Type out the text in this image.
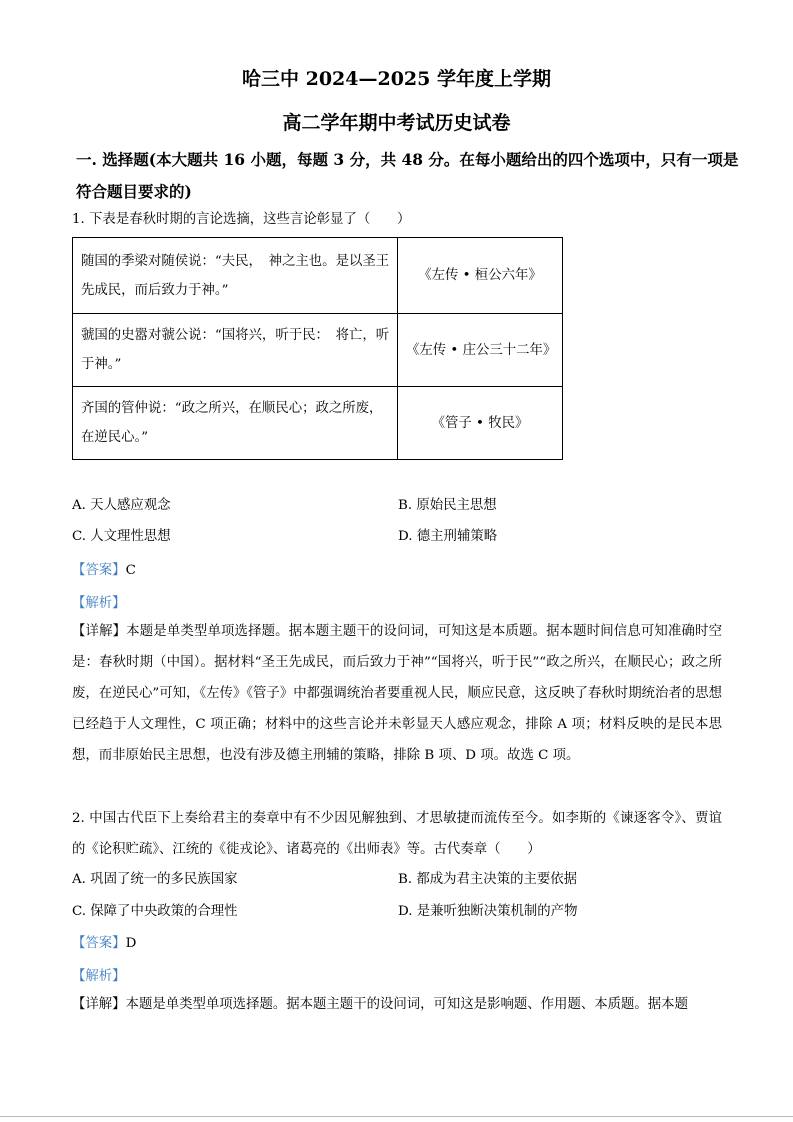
哈三中 2024—2025 学年度上学期
高二学年期中考试历史试卷
一. 选择题(本大题共 16 小题，每题 3 分，共 48 分。在每小题给出的四个选项中，只有一项是
符合题目要求的)
1. 下表是春秋时期的言论选摘，这些言论彰显了（　　）
随国的季梁对随侯说：“夫民，　神之主也。是以圣王先成民，而后致力于神。”	《左传 • 桓公六年》
虢国的史嚣对虢公说：“国将兴，听于民：　将亡，听于神。”	《左传 • 庄公三十二年》
齐国的管仲说：“政之所兴，在顺民心；政之所废，在逆民心。”	《管子 • 牧民》
A. 天人感应观念	B. 原始民主思想
C. 人文理性思想	D. 德主刑辅策略
【答案】C
【解析】
【详解】本题是单类型单项选择题。据本题主题干的设问词，可知这是本质题。据本题时间信息可知准确时空是：春秋时期（中国）。据材料“圣王先成民，而后致力于神”“国将兴，听于民”“政之所兴，在顺民心；政之所废，在逆民心”可知，《左传》《管子》中都强调统治者要重视人民，顺应民意，这反映了春秋时期统治者的思想已经趋于人文理性，C 项正确；材料中的这些言论并未彰显天人感应观念，排除 A 项；材料反映的是民本思想，而非原始民主思想，也没有涉及德主刑辅的策略，排除 B 项、D 项。故选 C 项。
2. 中国古代臣下上奏给君主的奏章中有不少因见解独到、才思敏捷而流传至今。如李斯的《谏逐客令》、贾谊的《论积贮疏》、江统的《徙戎论》、诸葛亮的《出师表》等。古代奏章（　　）
A. 巩固了统一的多民族国家	B. 都成为君主决策的主要依据
C. 保障了中央政策的合理性	D. 是兼听独断决策机制的产物
【答案】D
【解析】
【详解】本题是单类型单项选择题。据本题主题干的设问词，可知这是影响题、作用题、本质题。据本题
